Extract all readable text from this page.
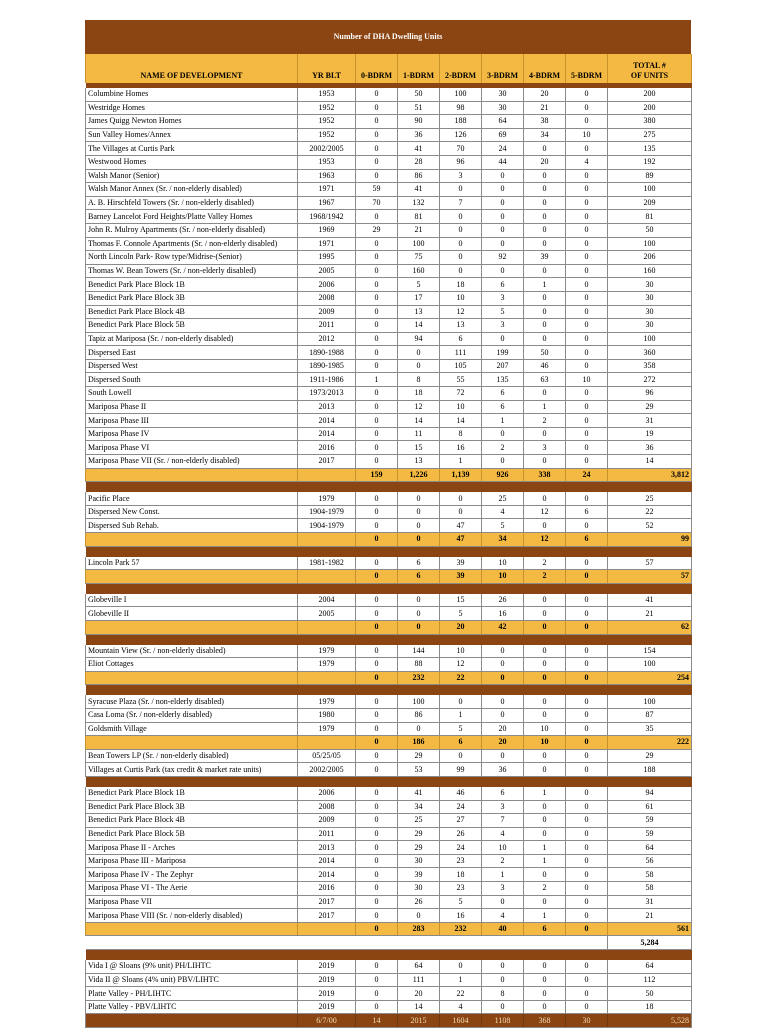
Number of DHA Dwelling Units
NAME OF DEVELOPMENT	YR BLT	0-BDRM	1-BDRM	2-BDRM	3-BDRM	4-BDRM	5-BDRM	TOTAL #
OF UNITS

Columbine Homes	1953	0	50	100	30	20	0	200
Westridge Homes	1952	0	51	98	30	21	0	200
James Quigg Newton Homes	1952	0	90	188	64	38	0	380
Sun Valley Homes/Annex	1952	0	36	126	69	34	10	275
The Villages at Curtis Park	2002/2005	0	41	70	24	0	0	135
Westwood Homes	1953	0	28	96	44	20	4	192
Walsh Manor (Senior)	1963	0	86	3	0	0	0	89
Walsh Manor Annex (Sr. / non-elderly disabled)	1971	59	41	0	0	0	0	100
A. B. Hirschfeld Towers (Sr. / non-elderly disabled)	1967	70	132	7	0	0	0	209
Barney Lancelot Ford Heights/Platte Valley Homes	1968/1942	0	81	0	0	0	0	81
John R. Mulroy Apartments (Sr. / non-elderly disabled)	1969	29	21	0	0	0	0	50
Thomas F. Connole Apartments (Sr. / non-elderly disabled)	1971	0	100	0	0	0	0	100
North Lincoln Park- Row type/Midrise-(Senior)	1995	0	75	0	92	39	0	206
Thomas W. Bean Towers (Sr. / non-elderly disabled)	2005	0	160	0	0	0	0	160
Benedict Park Place Block 1B	2006	0	5	18	6	1	0	30
Benedict Park Place Block 3B	2008	0	17	10	3	0	0	30
Benedict Park Place Block 4B	2009	0	13	12	5	0	0	30
Benedict Park Place Block 5B	2011	0	14	13	3	0	0	30
Tapiz at Mariposa (Sr. / non-elderly disabled)	2012	0	94	6	0	0	0	100
Dispersed East	1890-1988	0	0	111	199	50	0	360
Dispersed West	1890-1985	0	0	105	207	46	0	358
Dispersed South	1911-1986	1	8	55	135	63	10	272
South Lowell	1973/2013	0	18	72	6	0	0	96
Mariposa Phase II	2013	0	12	10	6	1	0	29
Mariposa Phase III	2014	0	14	14	1	2	0	31
Mariposa Phase IV	2014	0	11	8	0	0	0	19
Mariposa Phase VI	2016	0	15	16	2	3	0	36
Mariposa Phase VII (Sr. / non-elderly disabled)	2017	0	13	1	0	0	0	14
		159	1,226	1,139	926	338	24	3,812

Pacific Place	1979	0	0	0	25	0	0	25
Dispersed New Const.	1904-1979	0	0	0	4	12	6	22
Dispersed Sub Rehab.	1904-1979	0	0	47	5	0	0	52
		0	0	47	34	12	6	99

Lincoln Park 57	1981-1982	0	6	39	10	2	0	57
		0	6	39	10	2	0	57

Globeville I	2004	0	0	15	26	0	0	41
Globeville II	2005	0	0	5	16	0	0	21
		0	0	20	42	0	0	62

Mountain View (Sr. / non-elderly disabled)	1979	0	144	10	0	0	0	154
Eliot Cottages	1979	0	88	12	0	0	0	100
		0	232	22	0	0	0	254

Syracuse Plaza (Sr. / non-elderly disabled)	1979	0	100	0	0	0	0	100
Casa Loma (Sr. / non-elderly disabled)	1980	0	86	1	0	0	0	87
Goldsmith Village	1979	0	0	5	20	10	0	35
		0	186	6	20	10	0	222
Bean Towers LP (Sr. / non-elderly disabled)	05/25/05	0	29	0	0	0	0	29
Villages at Curtis Park (tax credit & market rate units)	2002/2005	0	53	99	36	0	0	188

Benedict Park Place Block 1B	2006	0	41	46	6	1	0	94
Benedict Park Place Block 3B	2008	0	34	24	3	0	0	61
Benedict Park Place Block 4B	2009	0	25	27	7	0	0	59
Benedict Park Place Block 5B	2011	0	29	26	4	0	0	59
Mariposa Phase II - Arches	2013	0	29	24	10	1	0	64
Mariposa Phase III - Mariposa	2014	0	30	23	2	1	0	56
Mariposa Phase IV - The Zephyr	2014	0	39	18	1	0	0	58
Mariposa Phase VI - The Aerie	2016	0	30	23	3	2	0	58
Mariposa Phase VII	2017	0	26	5	0	0	0	31
Mariposa Phase VIII (Sr. / non-elderly disabled)	2017	0	0	16	4	1	0	21
		0	283	232	40	6	0	561
								5,284

Vida I @ Sloans (9% unit) PH/LIHTC	2019	0	64	0	0	0	0	64
Vida II @ Sloans (4% unit) PBV/LIHTC	2019	0	111	1	0	0	0	112
Platte Valley - PH/LIHTC	2019	0	20	22	8	0	0	50
Platte Valley - PBV/LIHTC	2019	0	14	4	0	0	0	18
	6/7/00	14	2015	1604	1108	368	30	5,528
